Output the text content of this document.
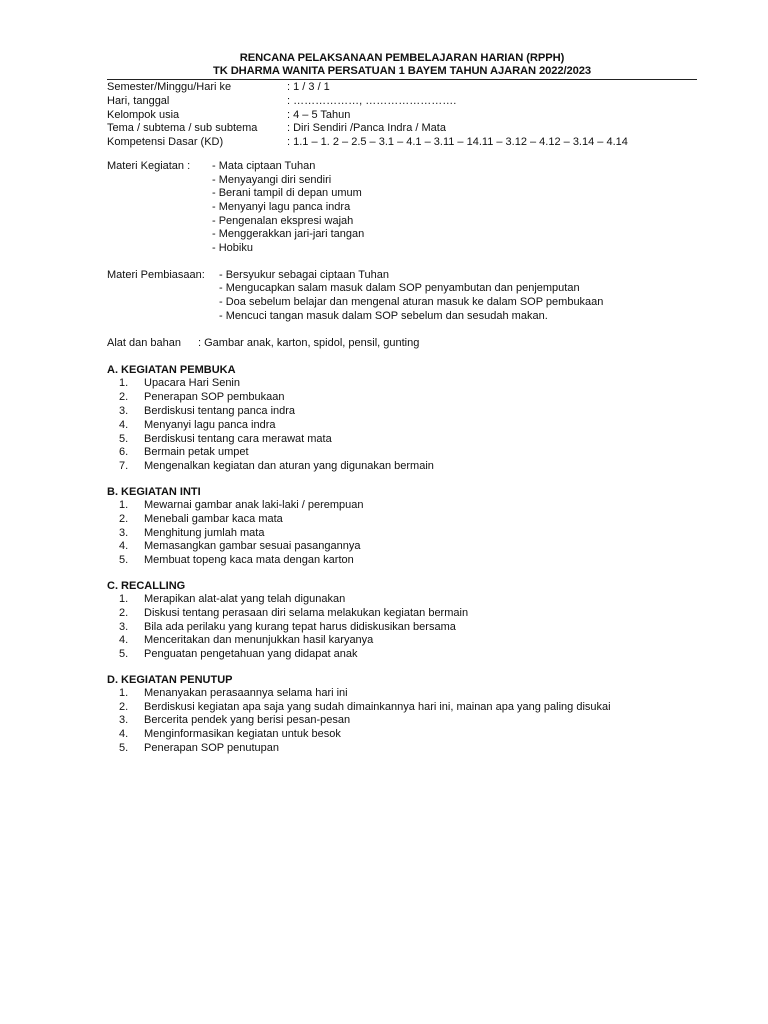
RENCANA PELAKSANAAN PEMBELAJARAN HARIAN (RPPH)
TK DHARMA WANITA PERSATUAN 1 BAYEM TAHUN AJARAN 2022/2023
Semester/Minggu/Hari ke	: 1 / 3 / 1
Hari, tanggal	: ………………, …………………….
Kelompok usia	: 4 – 5 Tahun
Tema / subtema / sub subtema	: Diri Sendiri /Panca Indra / Mata
Kompetensi Dasar (KD)	: 1.1 – 1. 2 – 2.5 – 3.1 – 4.1 – 3.11 – 14.11 – 3.12 – 4.12 – 3.14 – 4.14
Materi Kegiatan : - Mata ciptaan Tuhan
- Menyayangi diri sendiri
- Berani tampil di depan umum
- Menyanyi lagu panca indra
- Pengenalan ekspresi wajah
- Menggerakkan jari-jari tangan
- Hobiku
Materi Pembiasaan: - Bersyukur sebagai ciptaan Tuhan
- Mengucapkan salam masuk dalam SOP penyambutan dan penjemputan
- Doa sebelum belajar dan mengenal aturan masuk ke dalam SOP pembukaan
- Mencuci tangan masuk dalam SOP sebelum dan sesudah makan.
Alat dan bahan : Gambar anak, karton, spidol, pensil, gunting
A. KEGIATAN PEMBUKA
1. Upacara Hari Senin
2. Penerapan SOP pembukaan
3. Berdiskusi tentang panca indra
4. Menyanyi lagu panca indra
5. Berdiskusi tentang cara merawat mata
6. Bermain petak umpet
7. Mengenalkan kegiatan dan aturan yang digunakan bermain
B. KEGIATAN INTI
1. Mewarnai gambar anak laki-laki / perempuan
2. Menebali gambar kaca mata
3. Menghitung jumlah mata
4. Memasangkan gambar sesuai pasangannya
5. Membuat topeng kaca mata dengan karton
C. RECALLING
1. Merapikan alat-alat yang telah digunakan
2. Diskusi tentang perasaan diri selama melakukan kegiatan bermain
3. Bila ada perilaku yang kurang tepat harus didiskusikan bersama
4. Menceritakan dan menunjukkan hasil karyanya
5. Penguatan pengetahuan yang didapat anak
D. KEGIATAN PENUTUP
1. Menanyakan perasaannya selama hari ini
2. Berdiskusi kegiatan apa saja yang sudah dimainkannya hari ini, mainan apa yang paling disukai
3. Bercerita pendek yang berisi pesan-pesan
4. Menginformasikan kegiatan untuk besok
5. Penerapan SOP penutupan
